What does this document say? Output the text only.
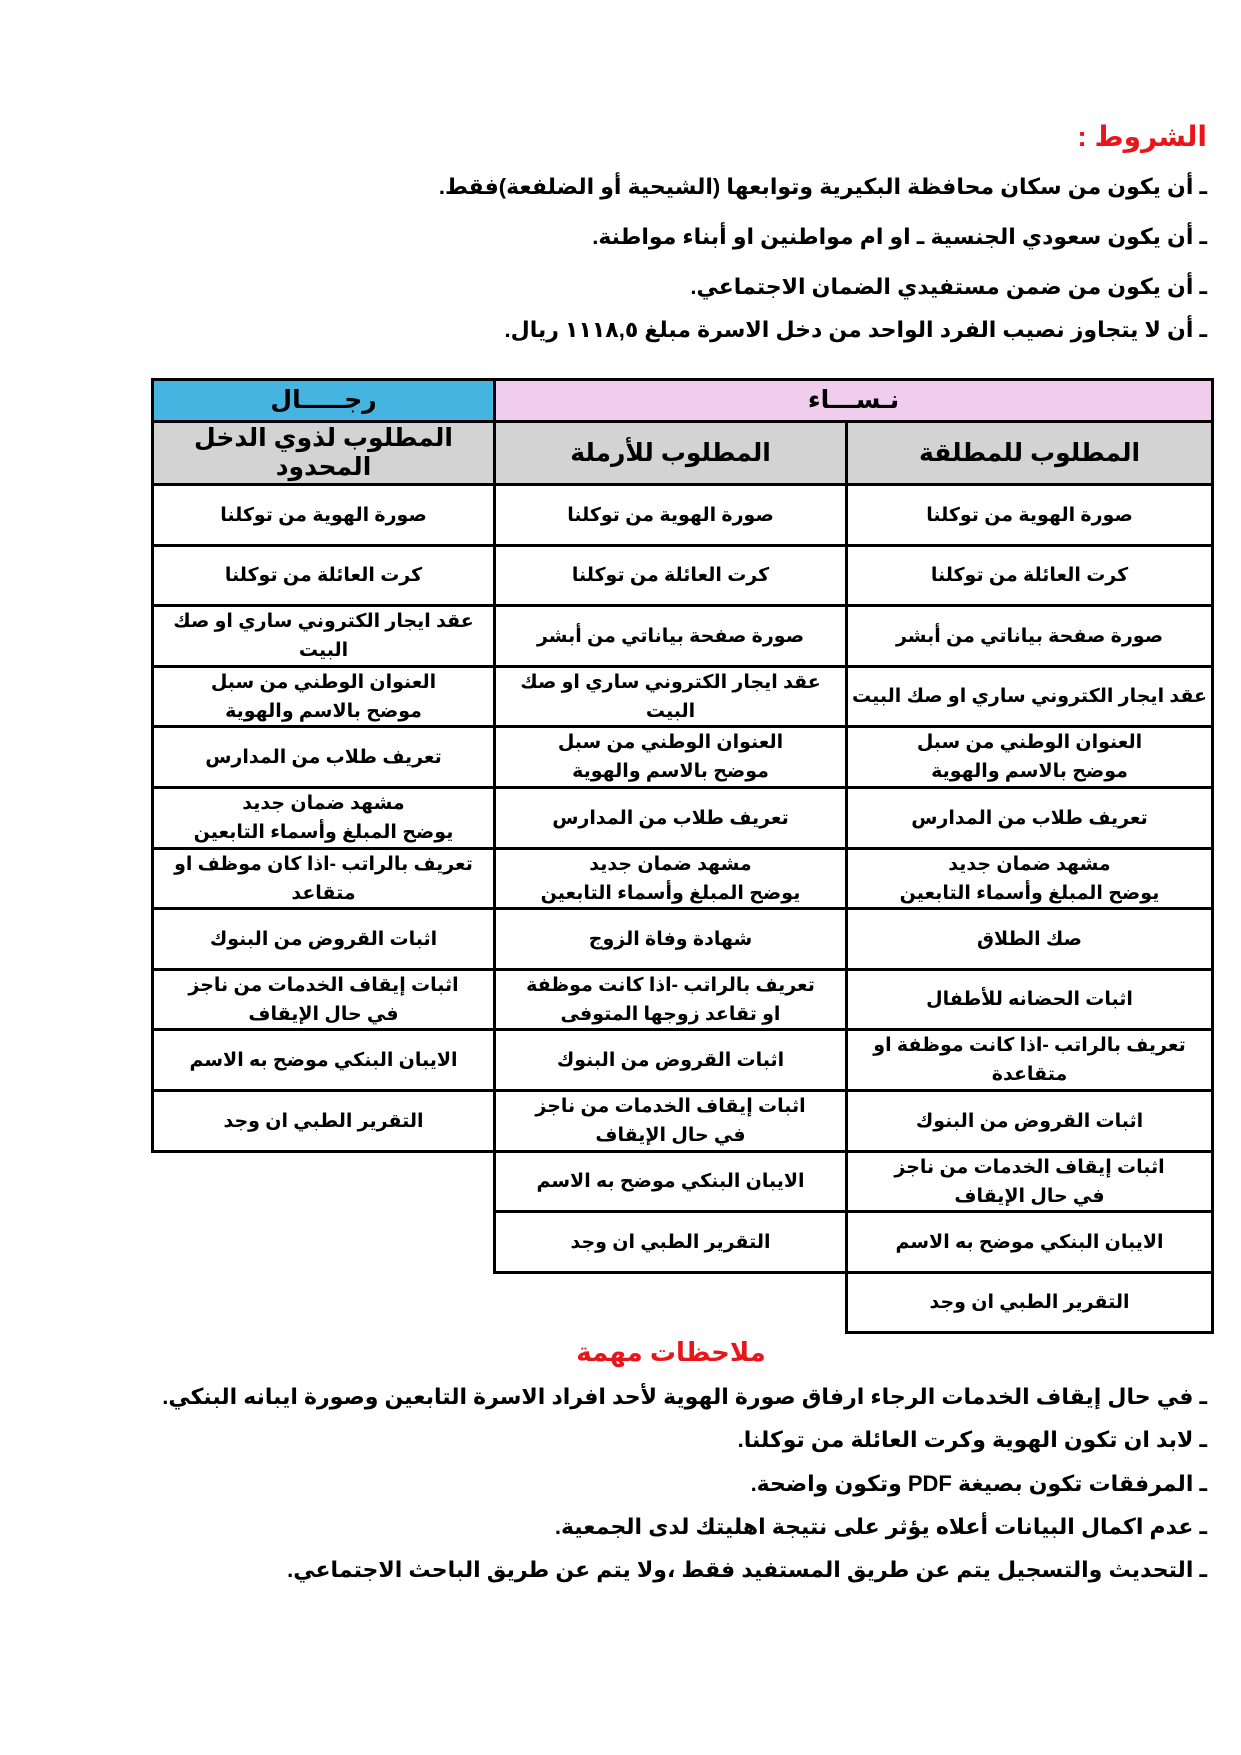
الشروط :
ـ أن يكون من سكان محافظة البكيرية وتوابعها (الشيحية أو الضلفعة)فقط.
ـ أن يكون سعودي الجنسية ـ او ام مواطنين او أبناء مواطنة.
ـ أن يكون من ضمن مستفيدي الضمان الاجتماعي.
ـ أن لا يتجاوز نصيب الفرد الواحد من دخل الاسرة مبلغ ١١١٨,٥ ريال.
نـســـاء
رجـــــال
المطلوب للمطلقة
صورة الهوية من توكلنا
كرت العائلة من توكلنا
صورة صفحة بياناتي من أبشر
عقد ايجار الكتروني ساري او صك البيت
العنوان الوطني من سبل
موضح بالاسم والهوية
تعريف طلاب من المدارس
مشهد ضمان جديد
يوضح المبلغ وأسماء التابعين
صك الطلاق
اثبات الحضانه للأطفال
تعريف بالراتب -اذا كانت موظفة او متقاعدة
اثبات القروض من البنوك
اثبات إيقاف الخدمات من ناجز
في حال الإيقاف
الايبان البنكي موضح به الاسم
التقرير الطبي ان وجد
المطلوب للأرملة
صورة الهوية من توكلنا
كرت العائلة من توكلنا
صورة صفحة بياناتي من أبشر
عقد ايجار الكتروني ساري او صك البيت
العنوان الوطني من سبل
موضح بالاسم والهوية
تعريف طلاب من المدارس
مشهد ضمان جديد
يوضح المبلغ وأسماء التابعين
شهادة وفاة الزوج
تعريف بالراتب -اذا كانت موظفة
او تقاعد زوجها المتوفى
اثبات القروض من البنوك
اثبات إيقاف الخدمات من ناجز
في حال الإيقاف
الايبان البنكي موضح به الاسم
التقرير الطبي ان وجد
المطلوب لذوي الدخل المحدود
صورة الهوية من توكلنا
كرت العائلة من توكلنا
عقد ايجار الكتروني ساري او صك البيت
العنوان الوطني من سبل
موضح بالاسم والهوية
تعريف طلاب من المدارس
مشهد ضمان جديد
يوضح المبلغ وأسماء التابعين
تعريف بالراتب -اذا كان موظف او متقاعد
اثبات القروض من البنوك
اثبات إيقاف الخدمات من ناجز
في حال الإيقاف
الايبان البنكي موضح به الاسم
التقرير الطبي ان وجد
ملاحظات مهمة
ـ في حال إيقاف الخدمات الرجاء ارفاق صورة الهوية لأحد افراد الاسرة التابعين وصورة ايبانه البنكي.
ـ لابد ان تكون الهوية وكرت العائلة من توكلنا.
ـ المرفقات تكون بصيغة PDF وتكون واضحة.
ـ عدم اكمال البيانات أعلاه يؤثر على نتيجة اهليتك لدى الجمعية.
ـ التحديث والتسجيل يتم عن طريق المستفيد فقط ،ولا يتم عن طريق الباحث الاجتماعي.
